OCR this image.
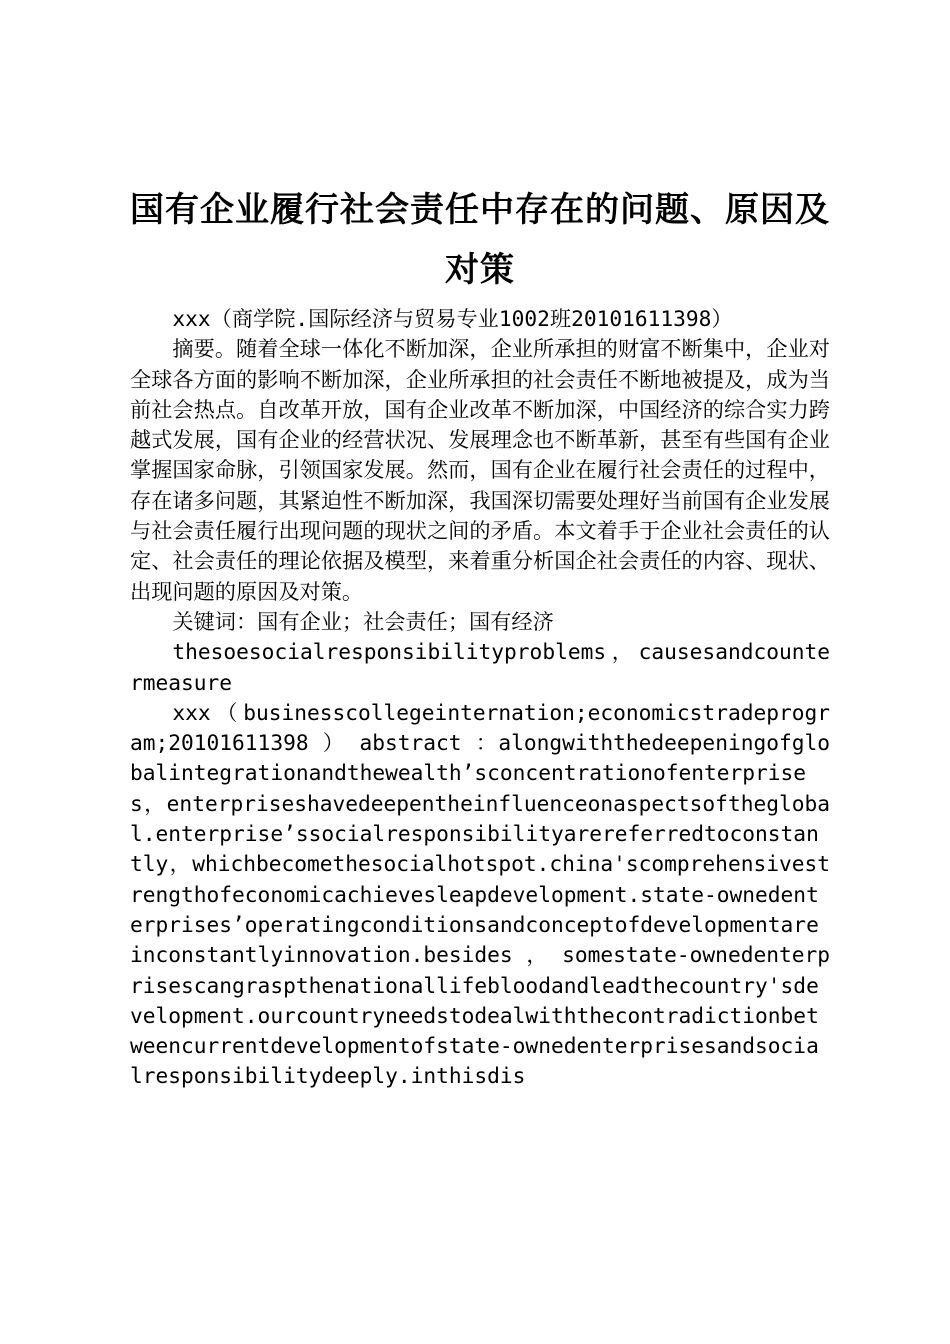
国有企业履行社会责任中存在的问题、原因及对策

xxx（商学院.国际经济与贸易专业1002班20101611398）

摘要。随着全球一体化不断加深，企业所承担的财富不断集中，企业对全球各方面的影响不断加深，企业所承担的社会责任不断地被提及，成为当前社会热点。自改革开放，国有企业改革不断加深，中国经济的综合实力跨越式发展，国有企业的经营状况、发展理念也不断革新，甚至有些国有企业掌握国家命脉，引领国家发展。然而，国有企业在履行社会责任的过程中，存在诸多问题，其紧迫性不断加深，我国深切需要处理好当前国有企业发展与社会责任履行出现问题的现状之间的矛盾。本文着手于企业社会责任的认定、社会责任的理论依据及模型，来着重分析国企社会责任的内容、现状、出现问题的原因及对策。

关键词：国有企业；社会责任；国有经济

thesoesocialresponsibilityproblems，causesandcountermeasure

xxx（businesscollegeinternation;economicstradeprogram;20101611398 ） abstract ：alongwiththedeepeningofglobalintegrationandthewealth’sconcentrationofenterprises，enterpriseshavedeepentheinfluenceonaspectsoftheglobal.enterprise’ssocialresponsibilityarereferredtoconstantly，whichbecomethesocialhotspot.china'scomprehensivestrengthofeconomicachievesleapdevelopment.state-ownedenterprises’operatingconditionsandconceptofdevelopmentareinconstantlyinnovation.besides ， somestate-ownedenterprisescangraspthenationallifebloodandleadthecountry'sdevelopment.ourcountryneedstodealwiththecontradictionbetweencurrentdevelopmentofstate-ownedenterprisesandsocialresponsibilitydeeply.inthisdis
